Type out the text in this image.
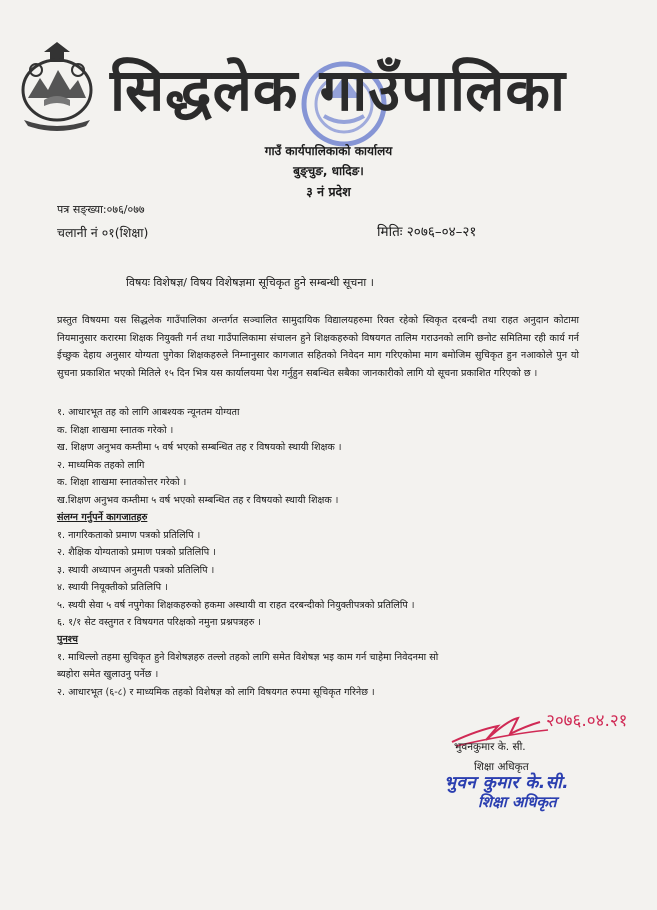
सिद्धलेक गाउँपालिका
गाउँ कार्यपालिकाको कार्यालय
बुङ्चुङ, धादिङ।
३ नं प्रदेश
पत्र सङ्ख्या:०७६/०७७
चलानी नं ०१(शिक्षा)	मितिः २०७६–०४–२१
विषयः विशेषज्ञ/ विषय विशेषज्ञमा सूचिकृत हुने सम्बन्धी सूचना ।
प्रस्तुत विषयमा यस सिद्धलेक गाउँपालिका अन्तर्गत सञ्चालित सामुदायिक विद्यालयहरुमा रिक्त रहेको स्विकृत दरबन्दी तथा राहत अनुदान कोटामा नियमानुसार करारमा शिक्षक नियुक्ती गर्न तथा गाउँपालिकामा संचालन हुने शिक्षकहरुको विषयगत तालिम गराउनको लागि छनोट समितिमा रही कार्य गर्न ईच्छुक देहाय अनुसार योग्यता पुगेका शिक्षकहरुले निम्नानुसार कागजात सहितको निवेदन माग गरिएकोमा माग बमोजिम सुचिकृत हुन नआकोले पुन यो सुचना प्रकाशित भएको मितिले १५ दिन भित्र यस कार्यालयमा पेश गर्नुहुन सबन्धित सबैका जानकारीको लागि यो सूचना प्रकाशित गरिएको छ ।
१. आधारभूत तह को लागि आबश्यक न्यूनतम योग्यता
क. शिक्षा शाखमा स्नातक गरेको ।
ख. शिक्षण अनुभव कम्तीमा ५ वर्ष भएको सम्बन्धित तह र विषयको स्थायी शिक्षक ।
२. माध्यमिक तहको लागि
क. शिक्षा शाखमा स्नातकोत्तर गरेको ।
ख.शिक्षण अनुभव कम्तीमा ५ वर्ष भएको सम्बन्धित तह र विषयको स्थायी शिक्षक ।
संलग्न गर्नुपर्ने कागजातहरु
१. नागरिकताको प्रमाण पत्रको प्रतिलिपि ।
२. शैक्षिक योग्यताको प्रमाण पत्रको प्रतिलिपि ।
३. स्थायी अध्यापन अनुमती पत्रको प्रतिलिपि ।
४. स्थायी नियूक्तीको प्रतिलिपि ।
५. स्थयी सेवा ५ वर्ष नपुगेका शिक्षकहरुको हकमा अस्थायी वा राहत दरबन्दीको नियुक्तीपत्रको प्रतिलिपि ।
६. १/१ सेट वस्तुगत र विषयगत परिक्षको नमुना प्रश्नपत्रहरु ।
पुनश्च
१. माथिल्लो तहमा सुचिकृत हुने विशेषज्ञहरु तल्लो तहको लागि समेत विशेषज्ञ भइ काम गर्न चाहेमा निवेदनमा सो
ब्यहोरा समेत खुलाउनु पर्नेछ ।
२. आधारभूत (६-८) र माध्यमिक तहको विशेषज्ञ को लागि विषयगत रुपमा सूचिकृत गरिनेछ ।
२०७६.०४.२१
भुवनकुमार के. सी.
शिक्षा अधिकृत
भुवन कुमार के.सी.
शिक्षा अधिकृत
